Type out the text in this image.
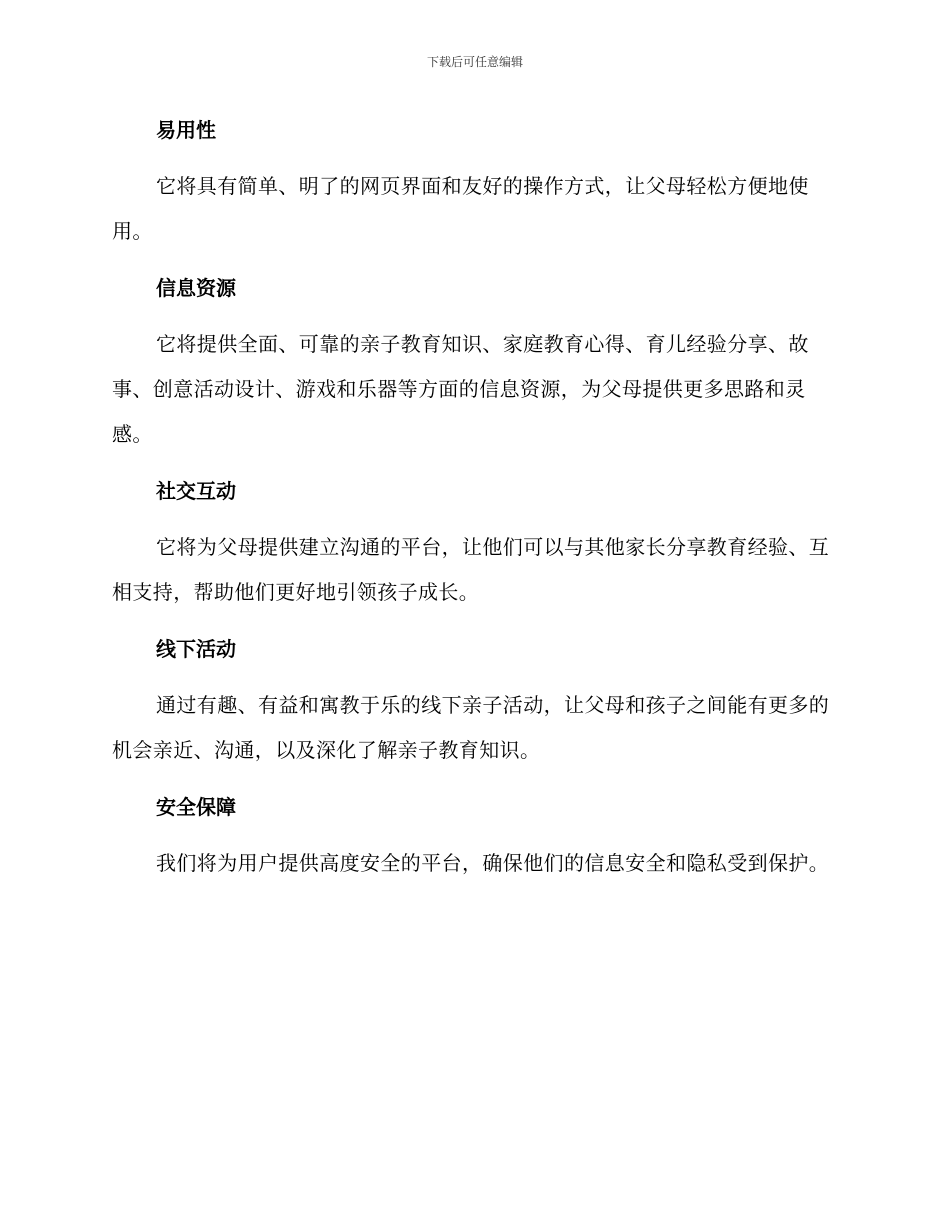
下载后可任意编辑
易用性

它将具有简单、明了的网页界面和友好的操作方式，让父母轻松方便地使用。

信息资源

它将提供全面、可靠的亲子教育知识、家庭教育心得、育儿经验分享、故事、创意活动设计、游戏和乐器等方面的信息资源，为父母提供更多思路和灵感。

社交互动

它将为父母提供建立沟通的平台，让他们可以与其他家长分享教育经验、互相支持，帮助他们更好地引领孩子成长。

线下活动

通过有趣、有益和寓教于乐的线下亲子活动，让父母和孩子之间能有更多的机会亲近、沟通，以及深化了解亲子教育知识。

安全保障

我们将为用户提供高度安全的平台，确保他们的信息安全和隐私受到保护。
